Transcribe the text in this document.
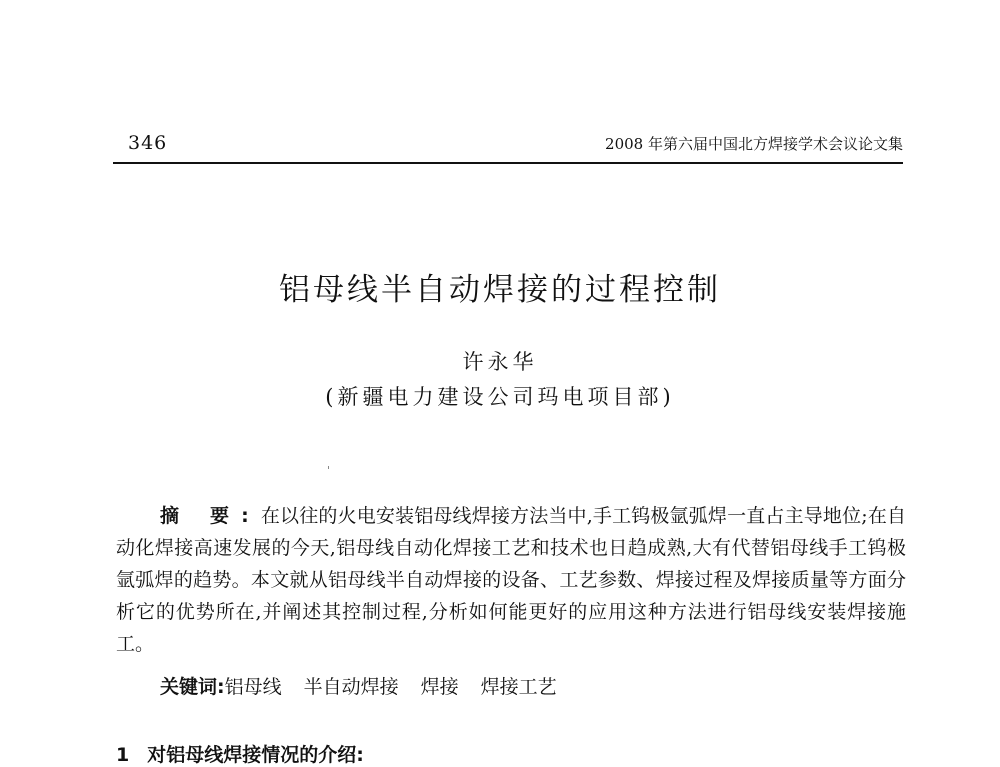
346	2008 年第六届中国北方焊接学术会议论文集
铝母线半自动焊接的过程控制
许永华
(新疆电力建设公司玛电项目部)

摘 要:在以往的火电安装铝母线焊接方法当中,手工钨极氩弧焊一直占主导地位;在自动化焊接高速发展的今天,铝母线自动化焊接工艺和技术也日趋成熟,大有代替铝母线手工钨极氩弧焊的趋势。本文就从铝母线半自动焊接的设备、工艺参数、焊接过程及焊接质量等方面分析它的优势所在,并阐述其控制过程,分析如何能更好的应用这种方法进行铝母线安装焊接施工。

关键词:铝母线 半自动焊接 焊接 焊接工艺
1 对铝母线焊接情况的介绍:
